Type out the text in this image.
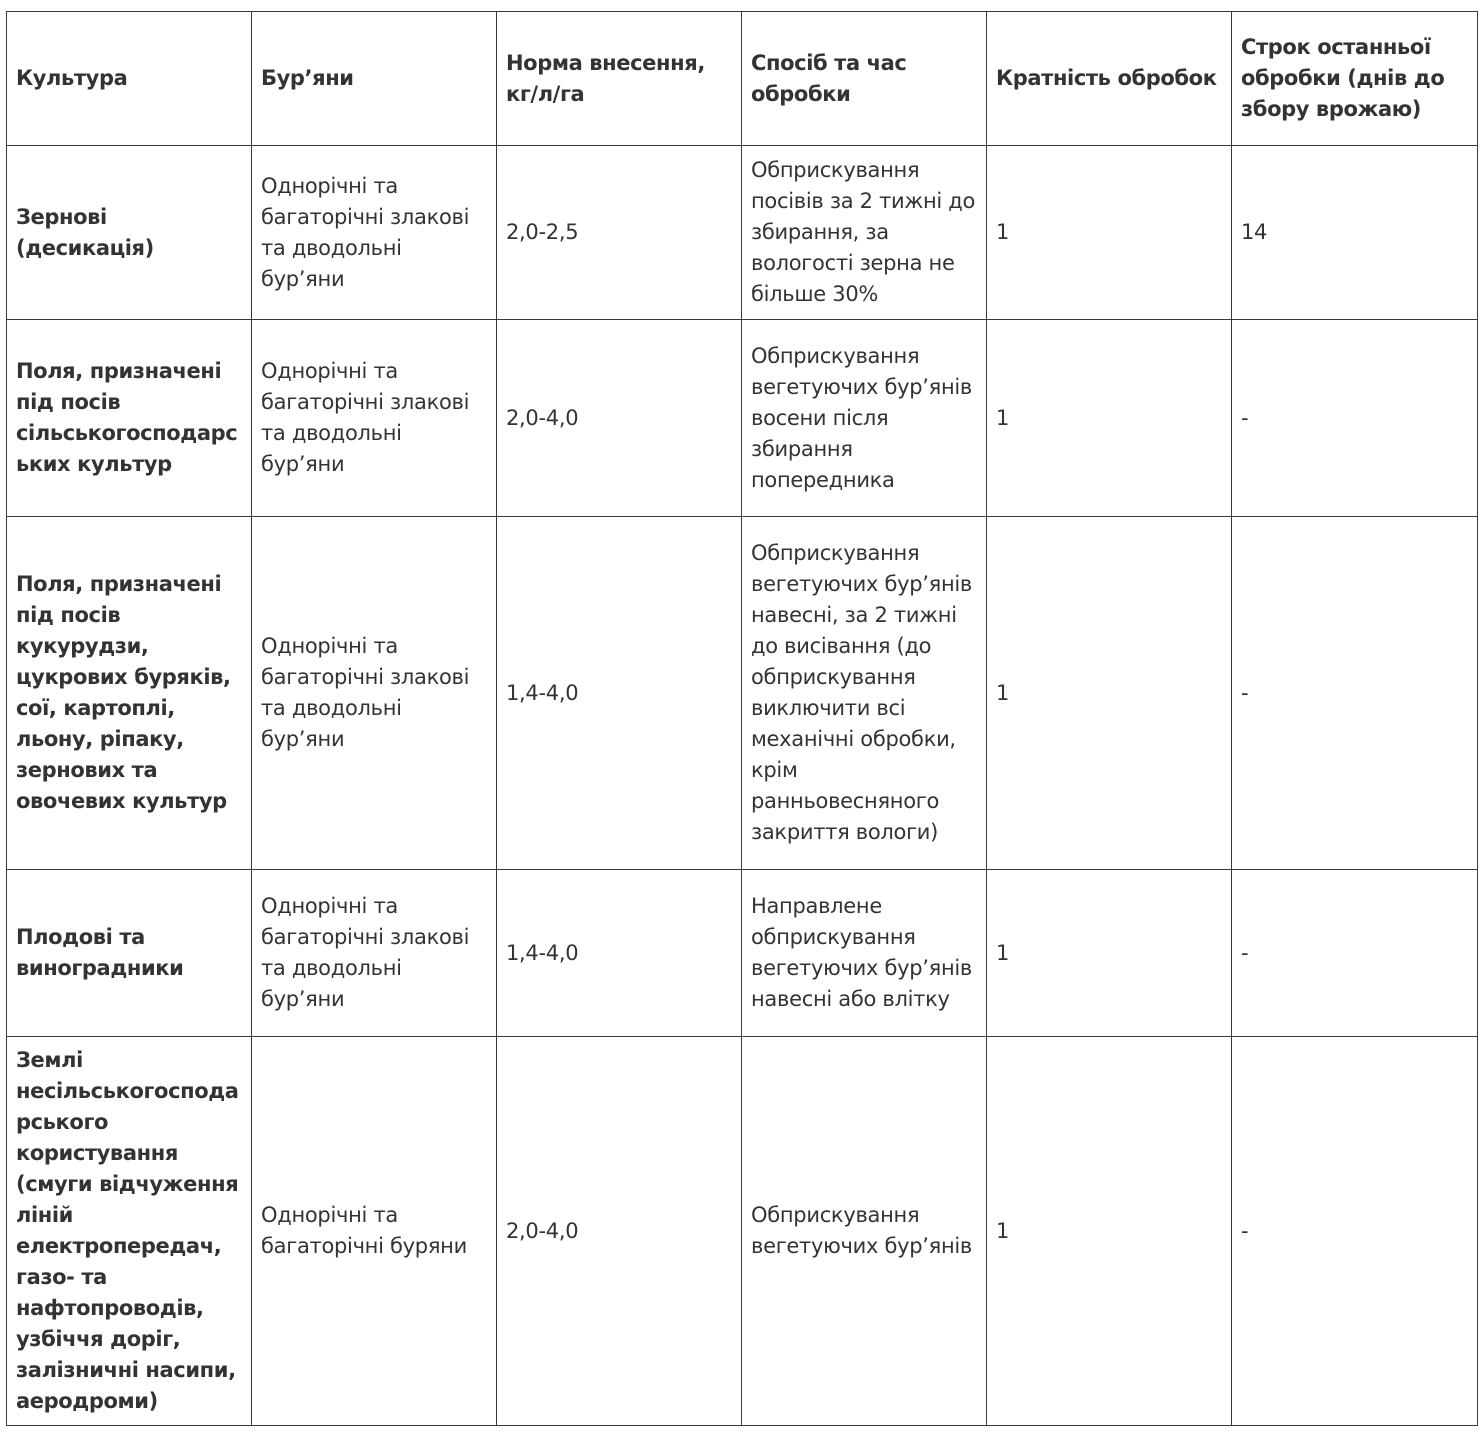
Культура	Бур’яни	Норма внесення, кг/л/га	Спосіб та час обробки	Кратність обробок	Строк останньої обробки (днів до збору врожаю)
Зернові (десикація)	Однорічні та багаторічні злакові та дводольні бур’яни	2,0-2,5	Обприскування посівів за 2 тижні до збирання, за вологості зерна не більше 30%	1	14
Поля, призначені під посів сільськогосподарських культур	Однорічні та багаторічні злакові та дводольні бур’яни	2,0-4,0	Обприскування вегетуючих бур’янів восени після збирання попередника	1	-
Поля, призначені під посів кукурудзи, цукрових буряків, сої, картоплі, льону, ріпаку, зернових та овочевих культур	Однорічні та багаторічні злакові та дводольні бур’яни	1,4-4,0	Обприскування вегетуючих бур’янів навесні, за 2 тижні до висівання (до обприскування виключити всі механічні обробки, крім ранньовесняного закриття вологи)	1	-
Плодові та виноградники	Однорічні та багаторічні злакові та дводольні бур’яни	1,4-4,0	Направлене обприскування вегетуючих бур’янів навесні або влітку	1	-
Землі несільськогосподарського користування (смуги відчуження ліній електропередач, газо- та нафтопроводів, узбіччя доріг, залізничні насипи, аеродроми)	Однорічні та багаторічні буряни	2,0-4,0	Обприскування вегетуючих бур’янів	1	-
